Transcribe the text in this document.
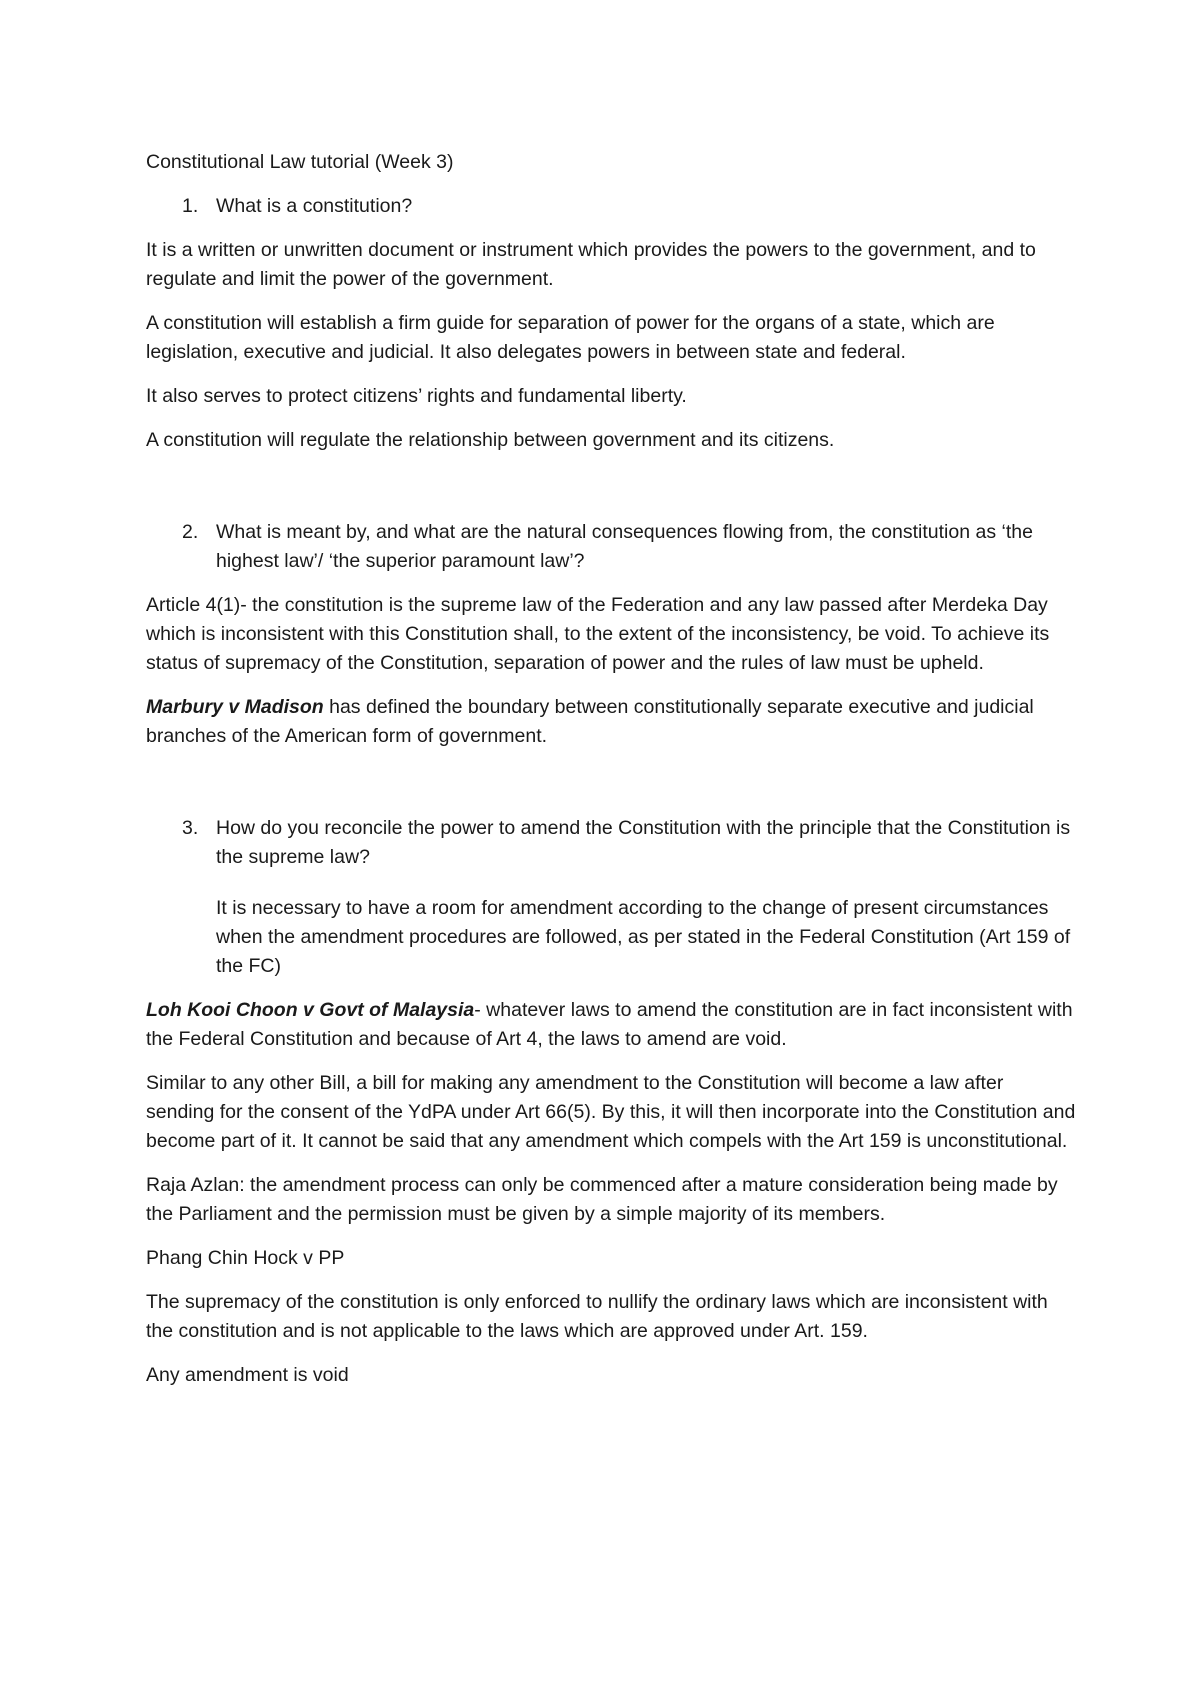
Constitutional Law tutorial (Week 3)

1. What is a constitution?

It is a written or unwritten document or instrument which provides the powers to the government, and to regulate and limit the power of the government.

A constitution will establish a firm guide for separation of power for the organs of a state, which are legislation, executive and judicial. It also delegates powers in between state and federal.

It also serves to protect citizens’ rights and fundamental liberty.

A constitution will regulate the relationship between government and its citizens.

2. What is meant by, and what are the natural consequences flowing from, the constitution as ‘the highest law’/ ‘the superior paramount law’?

Article 4(1)- the constitution is the supreme law of the Federation and any law passed after Merdeka Day which is inconsistent with this Constitution shall, to the extent of the inconsistency, be void. To achieve its status of supremacy of the Constitution, separation of power and the rules of law must be upheld.

Marbury v Madison has defined the boundary between constitutionally separate executive and judicial branches of the American form of government.

3. How do you reconcile the power to amend the Constitution with the principle that the Constitution is the supreme law?

It is necessary to have a room for amendment according to the change of present circumstances when the amendment procedures are followed, as per stated in the Federal Constitution (Art 159 of the FC)

Loh Kooi Choon v Govt of Malaysia- whatever laws to amend the constitution are in fact inconsistent with the Federal Constitution and because of Art 4, the laws to amend are void.

Similar to any other Bill, a bill for making any amendment to the Constitution will become a law after sending for the consent of the YdPA under Art 66(5). By this, it will then incorporate into the Constitution and become part of it. It cannot be said that any amendment which compels with the Art 159 is unconstitutional.

Raja Azlan: the amendment process can only be commenced after a mature consideration being made by the Parliament and the permission must be given by a simple majority of its members.

Phang Chin Hock v PP

The supremacy of the constitution is only enforced to nullify the ordinary laws which are inconsistent with the constitution and is not applicable to the laws which are approved under Art. 159.

Any amendment is void
